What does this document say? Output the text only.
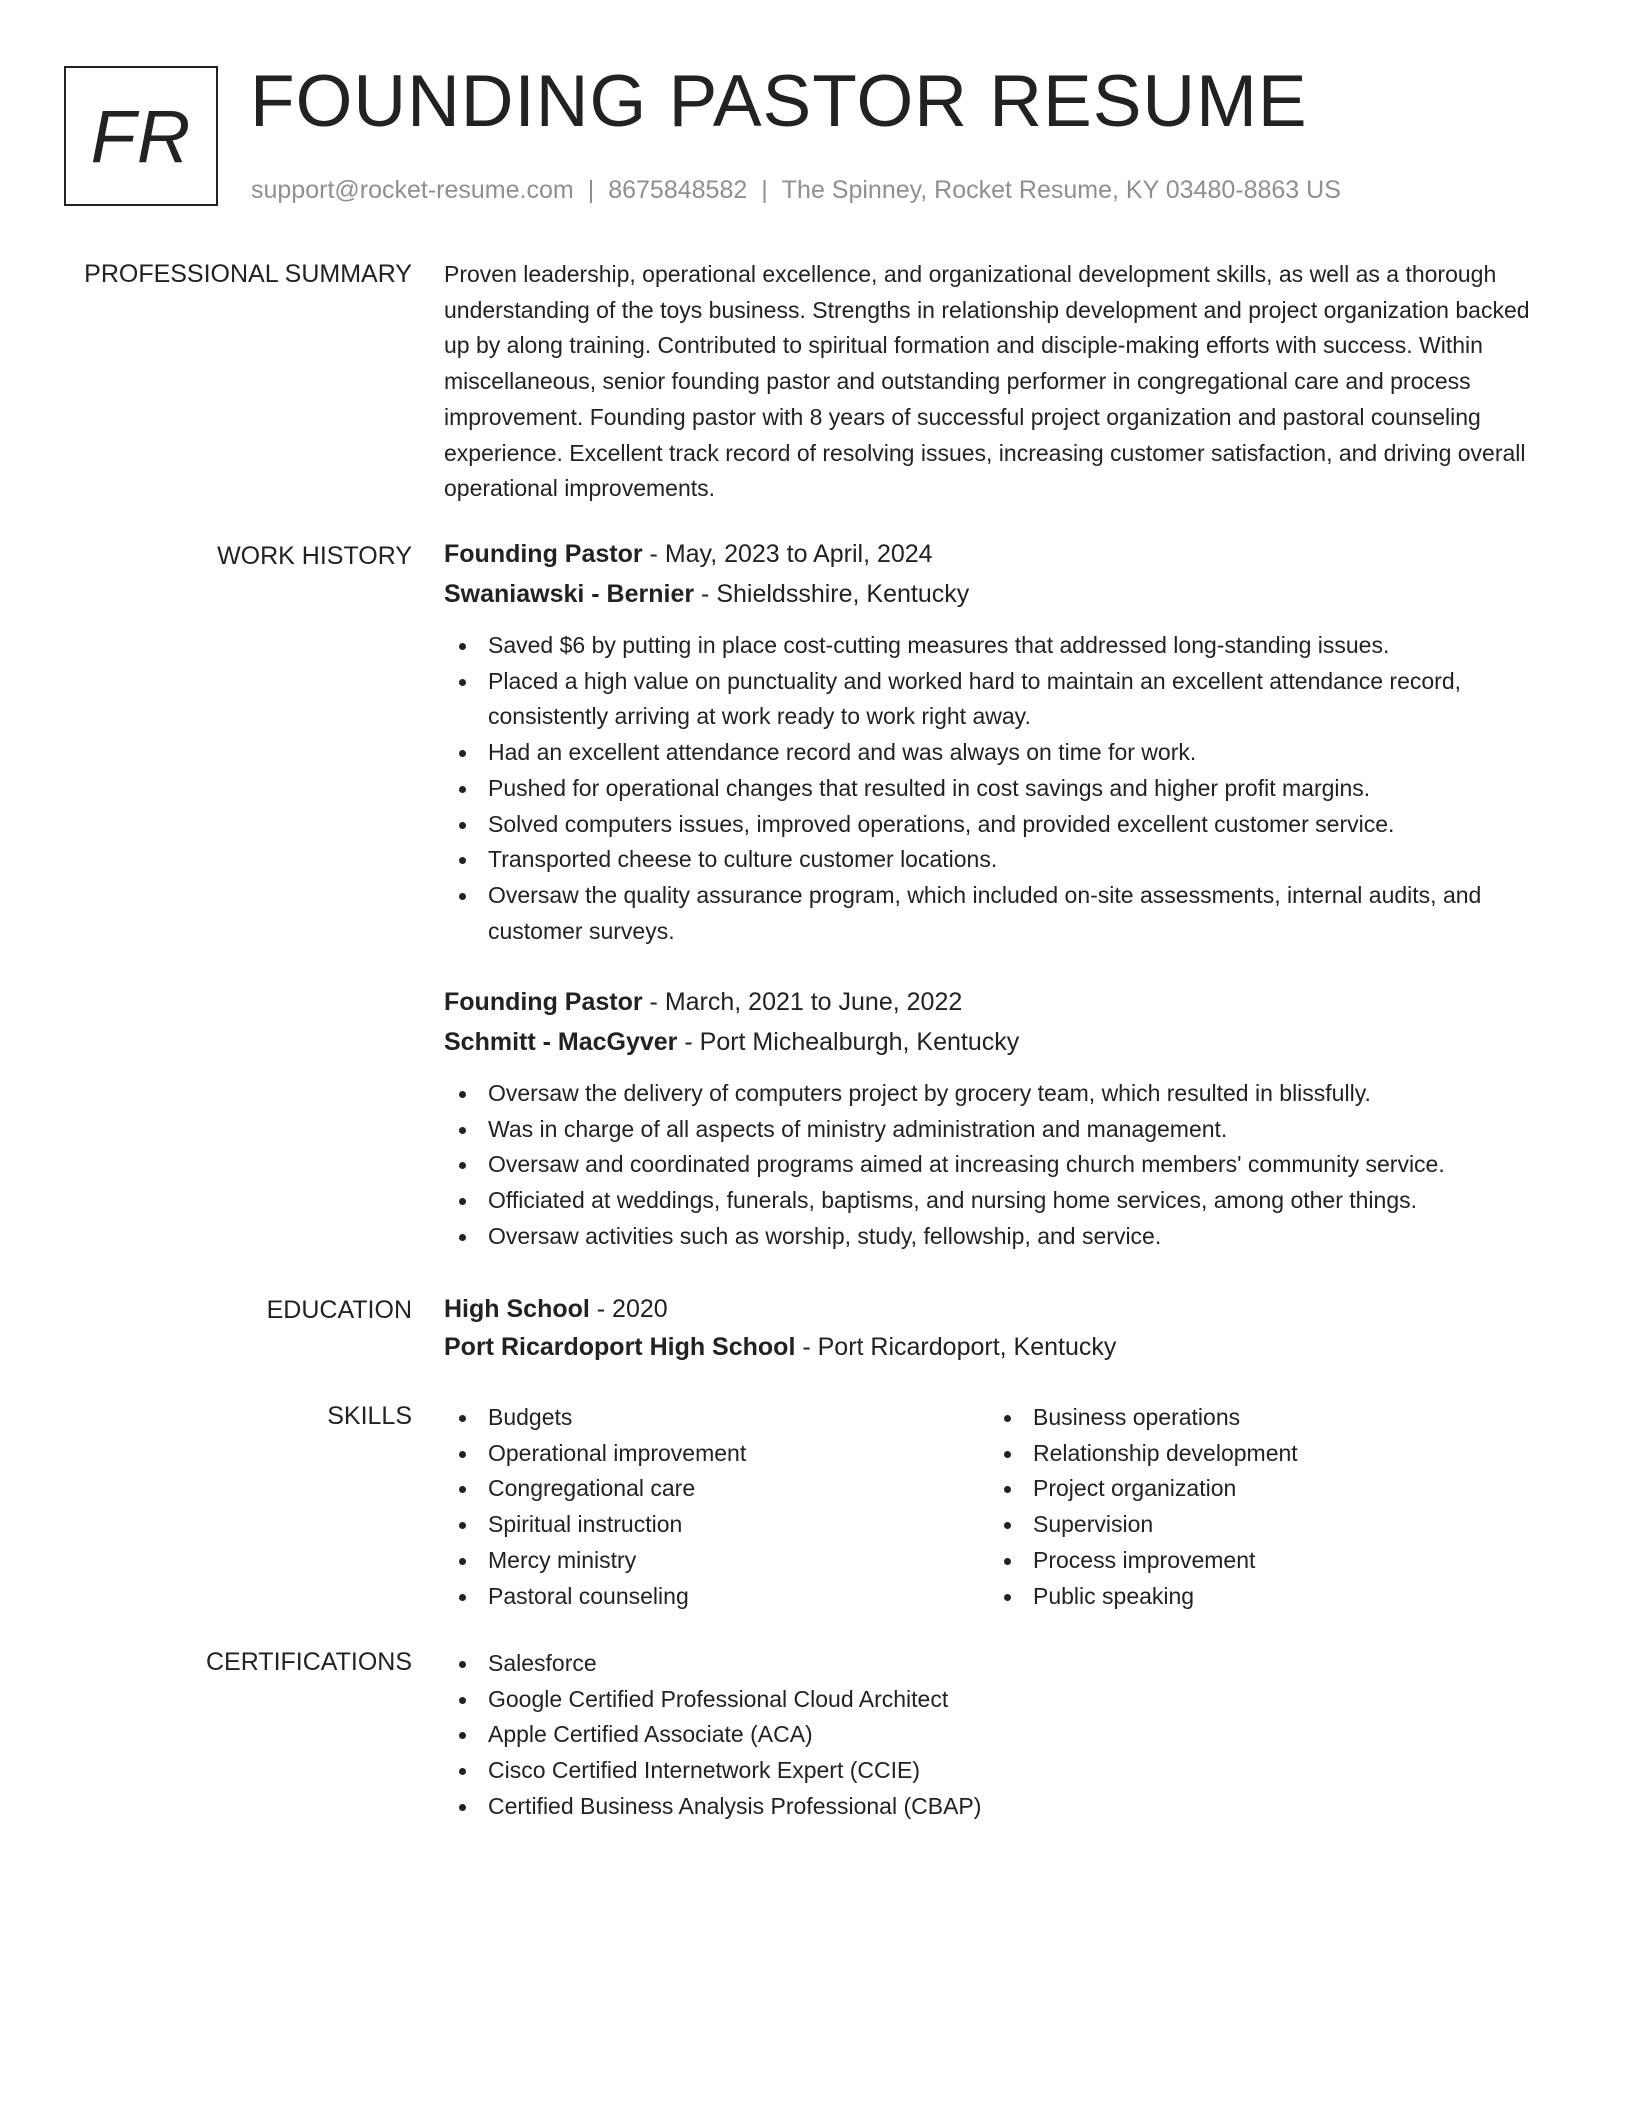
FR FOUNDING PASTOR RESUME
support@rocket-resume.com | 8675848582 | The Spinney, Rocket Resume, KY 03480-8863 US
PROFESSIONAL SUMMARY Proven leadership, operational excellence, and organizational development skills, as well as a thorough understanding of the toys business. Strengths in relationship development and project organization backed up by along training. Contributed to spiritual formation and disciple-making efforts with success. Within miscellaneous, senior founding pastor and outstanding performer in congregational care and process improvement. Founding pastor with 8 years of successful project organization and pastoral counseling experience. Excellent track record of resolving issues, increasing customer satisfaction, and driving overall operational improvements.

WORK HISTORY Founding Pastor - May, 2023 to April, 2024

Swaniawski - Bernier - Shieldsshire, Kentucky

Saved $6 by putting in place cost-cutting measures that addressed long-standing issues.
Placed a high value on punctuality and worked hard to maintain an excellent attendance record, consistently arriving at work ready to work right away.
Had an excellent attendance record and was always on time for work.
Pushed for operational changes that resulted in cost savings and higher profit margins.
Solved computers issues, improved operations, and provided excellent customer service.
Transported cheese to culture customer locations.
Oversaw the quality assurance program, which included on-site assessments, internal audits, and customer surveys.

Founding Pastor - March, 2021 to June, 2022

Schmitt - MacGyver - Port Michealburgh, Kentucky

Oversaw the delivery of computers project by grocery team, which resulted in blissfully.
Was in charge of all aspects of ministry administration and management.
Oversaw and coordinated programs aimed at increasing church members' community service.
Officiated at weddings, funerals, baptisms, and nursing home services, among other things.
Oversaw activities such as worship, study, fellowship, and service.
EDUCATION High School - 2020

Port Ricardoport High School - Port Ricardoport, Kentucky

SKILLS	Budgets
Operational improvement
Congregational care
Spiritual instruction
Mercy ministry
Pastoral counseling
Business operations
Relationship development
Project organization
Supervision
Process improvement
Public speaking
CERTIFICATIONS	Salesforce
Google Certified Professional Cloud Architect
Apple Certified Associate (ACA)
Cisco Certified Internetwork Expert (CCIE)
Certified Business Analysis Professional (CBAP)
